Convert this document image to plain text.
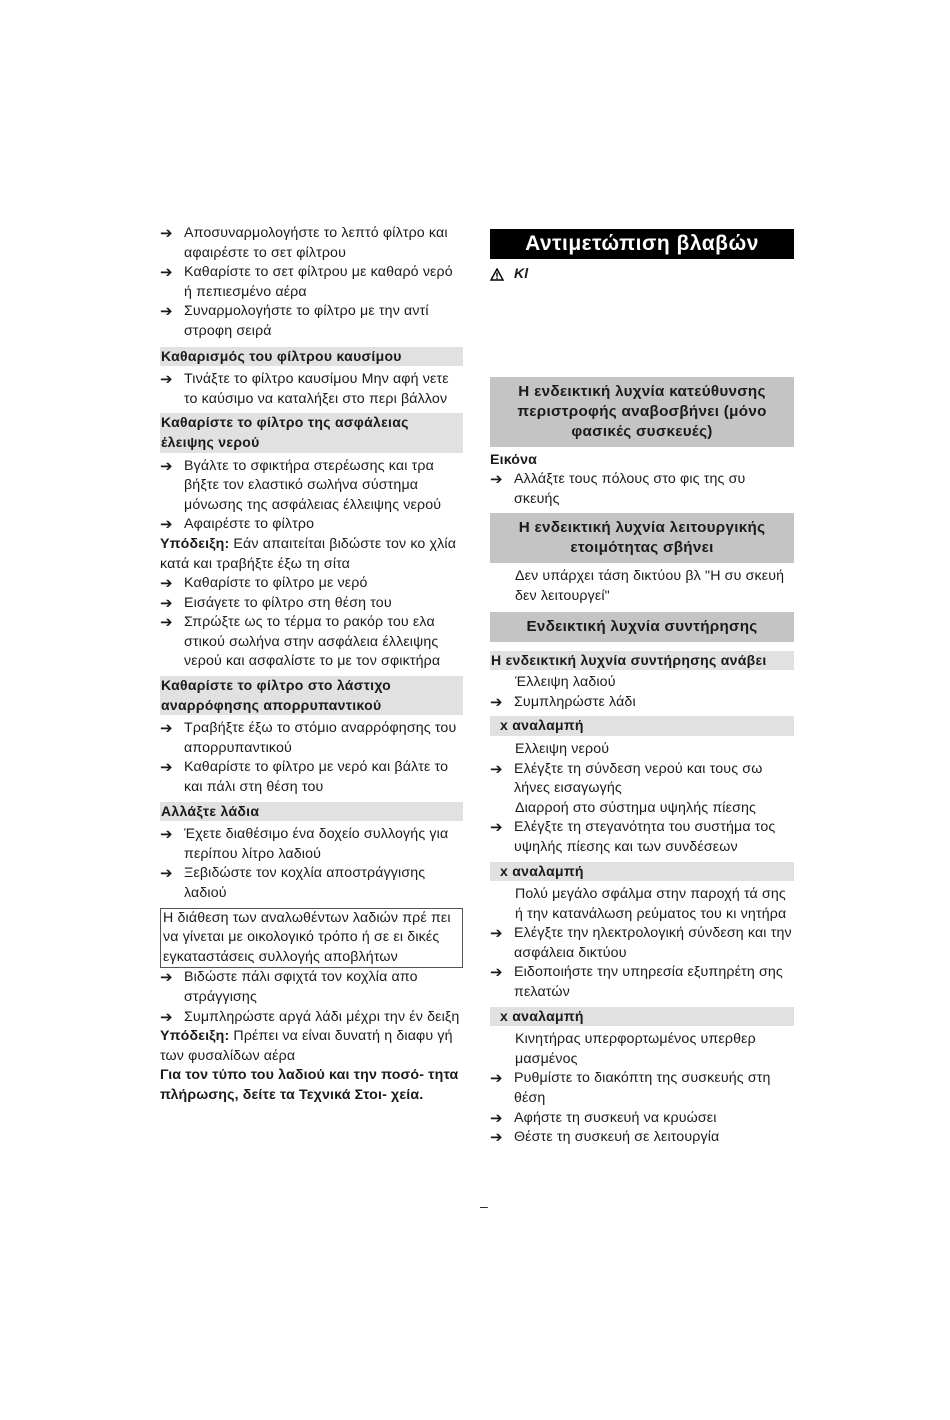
➔ Αποσυναρμολογήστε το λεπτό φίλτρο και αφαιρέστε το σετ φίλτρου
➔ Καθαρίστε το σετ φίλτρου με καθαρό νερό ή πεπιεσμένο αέρα
➔ Συναρμολογήστε το φίλτρο με την αντί στροφη σειρά
Καθαρισμός του φίλτρου καυσίμου
➔ Τινάξτε το φίλτρο καυσίμου Μην αφή νετε το καύσιμο να καταλήξει στο περι βάλλον
Καθαρίστε το φίλτρο της ασφάλειας έλειψης νερού
➔ Βγάλτε το σφικτήρα στερέωσης και τρα βήξτε τον ελαστικό σωλήνα σύστημα μόνωσης της ασφάλειας έλλειψης νερού
➔ Αφαιρέστε το φίλτρο
Υπόδειξη: Εάν απαιτείται βιδώστε τον κο χλία κατά και τραβήξτε έξω τη σίτα
➔ Καθαρίστε το φίλτρο με νερό
➔ Εισάγετε το φίλτρο στη θέση του
➔ Σπρώξτε ως το τέρμα το ρακόρ του ελα στικού σωλήνα στην ασφάλεια έλλειψης νερού και ασφαλίστε το με τον σφικτήρα
Καθαρίστε το φίλτρο στο λάστιχο αναρρόφησης απορρυπαντικού
➔ Τραβήξτε έξω το στόμιο αναρρόφησης του απορρυπαντικού
➔ Καθαρίστε το φίλτρο με νερό και βάλτε το και πάλι στη θέση του
Αλλάξτε λάδια
➔ Έχετε διαθέσιμο ένα δοχείο συλλογής για περίπου λίτρο λαδιού
➔ Ξεβιδώστε τον κοχλία αποστράγγισης λαδιού
Η διάθεση των αναλωθέντων λαδιών πρέ πει να γίνεται με οικολογικό τρόπο ή σε ει δικές εγκαταστάσεις συλλογής αποβλήτων
➔ Βιδώστε πάλι σφιχτά τον κοχλία απο στράγγισης
➔ Συμπληρώστε αργά λάδι μέχρι την έν δειξη
Υπόδειξη: Πρέπει να είναι δυνατή η διαφυ γή των φυσαλίδων αέρα
Για τον τύπο του λαδιού και την ποσό- τητα πλήρωσης, δείτε τα Τεχνικά Στοι- χεία.
Αντιμετώπιση βλαβών
Κl
Η ενδεικτική λυχνία κατεύθυνσης περιστροφής αναβοσβήνει (μόνο φασικές συσκευές)
Εικόνα
➔ Αλλάξτε τους πόλους στο φις της συ σκευής
Η ενδεικτική λυχνία λειτουργικής ετοιμότητας σβήνει
Δεν υπάρχει τάση δικτύου βλ "Η συ σκευή δεν λειτουργεί"
Ενδεικτική λυχνία συντήρησης
Η ενδεικτική λυχνία συντήρησης ανάβει
Έλλειψη λαδιού
➔ Συμπληρώστε λάδι
x αναλαμπή
Ελλειψη νερού
➔ Ελέγξτε τη σύνδεση νερού και τους σω λήνες εισαγωγής
Διαρροή στο σύστημα υψηλής πίεσης
➔ Ελέγξτε τη στεγανότητα του συστήμα τος υψηλής πίεσης και των συνδέσεων
x αναλαμπή
Πολύ μεγάλο σφάλμα στην παροχή τά σης ή την κατανάλωση ρεύματος του κι νητήρα
➔ Ελέγξτε την ηλεκτρολογική σύνδεση και την ασφάλεια δικτύου
➔ Ειδοποιήστε την υπηρεσία εξυπηρέτη σης πελατών
x αναλαμπή
Κινητήρας υπερφορτωμένος υπερθερ μασμένος
➔ Ρυθμίστε το διακόπτη της συσκευής στη θέση
➔ Αφήστε τη συσκευή να κρυώσει
➔ Θέστε τη συσκευή σε λειτουργία
–
